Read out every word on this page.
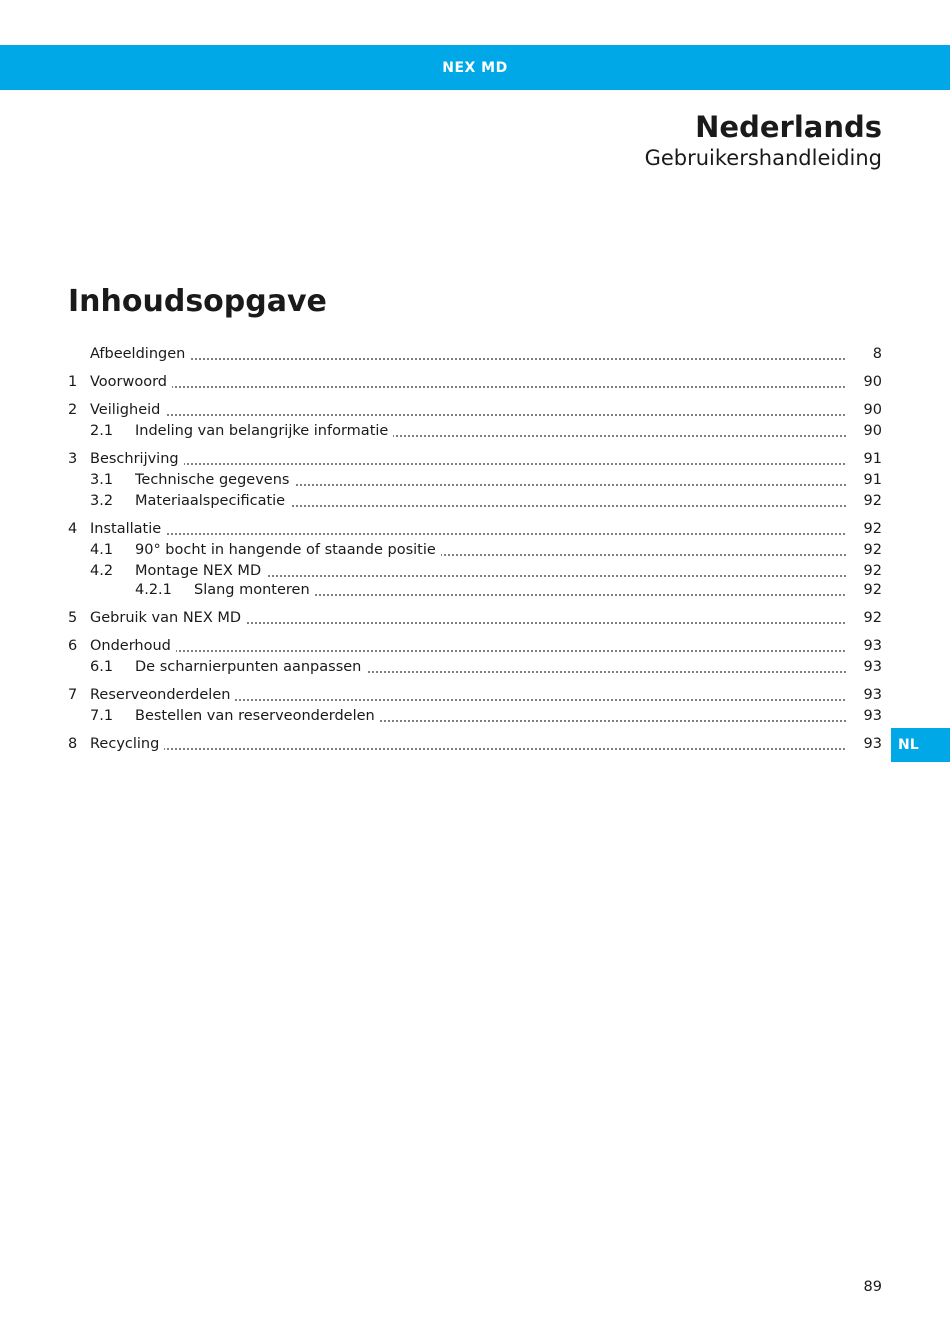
NEX MD
Nederlands
Gebruikershandleiding
Inhoudsopgave
Afbeeldingen	8
1 Voorwoord	90
2 Veiligheid	90
2.1 Indeling van belangrijke informatie	90
3 Beschrijving	91
3.1 Technische gegevens	91
3.2 Materiaalspecificatie	92
4 Installatie	92
4.1 90° bocht in hangende of staande positie	92
4.2 Montage NEX MD	92
4.2.1 Slang monteren	92
5 Gebruik van NEX MD	92
6 Onderhoud	93
6.1 De scharnierpunten aanpassen	93
7 Reserveonderdelen	93
7.1 Bestellen van reserveonderdelen	93
8 Recycling	93	NL
89
